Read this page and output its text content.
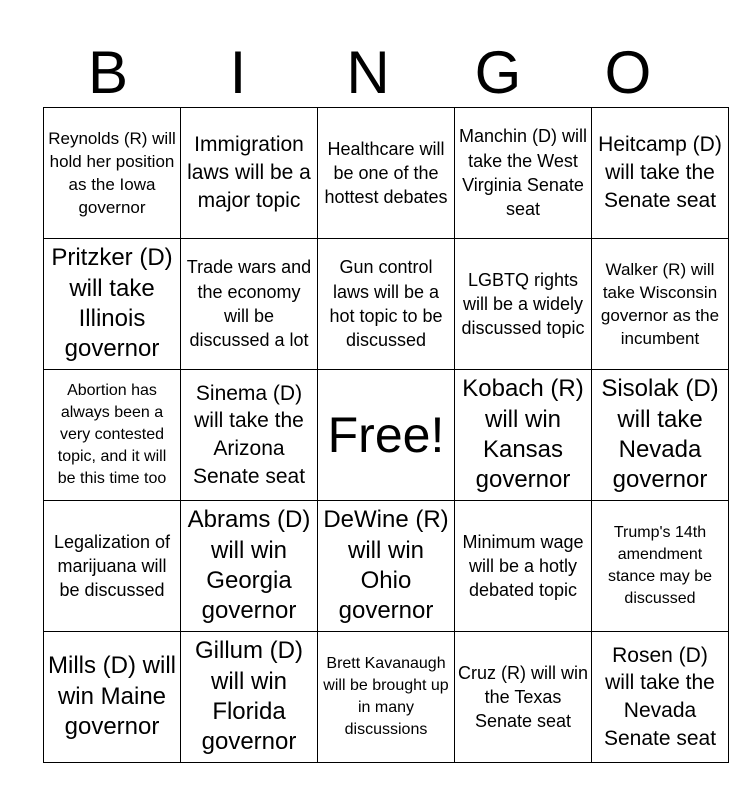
B	I	N	G	O
Reynolds (R) will hold her position as the Iowa governor	Immigration laws will be a major topic	Healthcare will be one of the hottest debates	Manchin (D) will take the West Virginia Senate seat	Heitcamp (D) will take the Senate seat

Pritzker (D) will take Illinois governor	Trade wars and the economy will be discussed a lot	Gun control laws will be a hot topic to be discussed	LGBTQ rights will be a widely discussed topic	Walker (R) will take Wisconsin governor as the incumbent

Abortion has always been a very contested topic, and it will be this time too	Sinema (D) will take the Arizona Senate seat	Free!	Kobach (R) will win Kansas governor	Sisolak (D) will take Nevada governor

Legalization of marijuana will be discussed	Abrams (D) will win Georgia governor	DeWine (R) will win Ohio governor	Minimum wage will be a hotly debated topic	Trump's 14th amendment stance may be discussed

Mills (D) will win Maine governor	Gillum (D) will win Florida governor	Brett Kavanaugh will be brought up in many discussions	Cruz (R) will win the Texas Senate seat	Rosen (D) will take the Nevada Senate seat
